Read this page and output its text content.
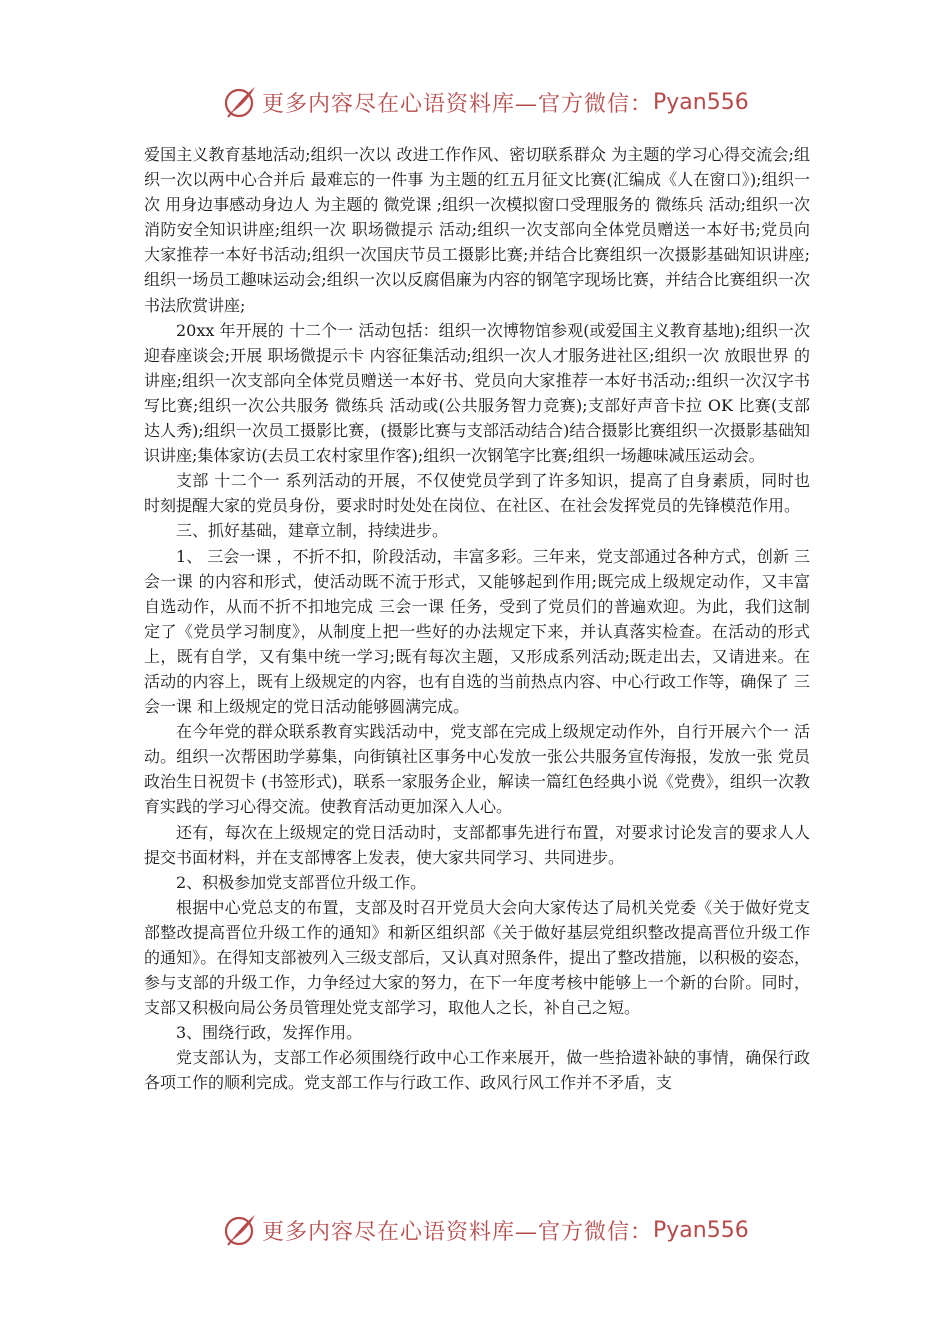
更多内容尽在心语资料库—官方微信： Pyan556

爱国主义教育基地活动;组织一次以 改进工作作风、密切联系群众 为主题的学习心得交流会;组织一次以两中心合并后 最难忘的一件事 为主题的红五月征文比赛(汇编成《人在窗口》);组织一次 用身边事感动身边人 为主题的 微党课 ;组织一次模拟窗口受理服务的 微练兵 活动;组织一次消防安全知识讲座;组织一次 职场微提示 活动;组织一次支部向全体党员赠送一本好书;党员向大家推荐一本好书活动;组织一次国庆节员工摄影比赛;并结合比赛组织一次摄影基础知识讲座;组织一场员工趣味运动会;组织一次以反腐倡廉为内容的钢笔字现场比赛，并结合比赛组织一次书法欣赏讲座;

20xx 年开展的 十二个一 活动包括：组织一次博物馆参观(或爱国主义教育基地);组织一次迎春座谈会;开展 职场微提示卡 内容征集活动;组织一次人才服务进社区;组织一次 放眼世界 的讲座;组织一次支部向全体党员赠送一本好书、党员向大家推荐一本好书活动;:组织一次汉字书写比赛;组织一次公共服务 微练兵 活动或(公共服务智力竞赛);支部好声音卡拉 OK 比赛(支部达人秀);组织一次员工摄影比赛，(摄影比赛与支部活动结合)结合摄影比赛组织一次摄影基础知识讲座;集体家访(去员工农村家里作客);组织一次钢笔字比赛;组织一场趣味减压运动会。

支部 十二个一 系列活动的开展，不仅使党员学到了许多知识，提高了自身素质，同时也时刻提醒大家的党员身份，要求时时处处在岗位、在社区、在社会发挥党员的先锋模范作用。

三、抓好基础，建章立制，持续进步。

1、 三会一课 ，不折不扣，阶段活动，丰富多彩。三年来，党支部通过各种方式，创新 三会一课 的内容和形式，使活动既不流于形式，又能够起到作用;既完成上级规定动作，又丰富自选动作，从而不折不扣地完成 三会一课 任务，受到了党员们的普遍欢迎。为此，我们这制定了《党员学习制度》，从制度上把一些好的办法规定下来，并认真落实检查。在活动的形式上，既有自学，又有集中统一学习;既有每次主题，又形成系列活动;既走出去，又请进来。在活动的内容上，既有上级规定的内容，也有自选的当前热点内容、中心行政工作等，确保了 三会一课 和上级规定的党日活动能够圆满完成。

在今年党的群众联系教育实践活动中，党支部在完成上级规定动作外，自行开展六个一 活动。组织一次帮困助学募集，向街镇社区事务中心发放一张公共服务宣传海报，发放一张 党员政治生日祝贺卡 (书签形式)，联系一家服务企业，解读一篇红色经典小说《党费》，组织一次教育实践的学习心得交流。使教育活动更加深入人心。

还有，每次在上级规定的党日活动时，支部都事先进行布置，对要求讨论发言的要求人人提交书面材料，并在支部博客上发表，使大家共同学习、共同进步。

2、积极参加党支部晋位升级工作。

根据中心党总支的布置，支部及时召开党员大会向大家传达了局机关党委《关于做好党支部整改提高晋位升级工作的通知》和新区组织部《关于做好基层党组织整改提高晋位升级工作的通知》。在得知支部被列入三级支部后，又认真对照条件，提出了整改措施，以积极的姿态，参与支部的升级工作，力争经过大家的努力，在下一年度考核中能够上一个新的台阶。同时，支部又积极向局公务员管理处党支部学习，取他人之长，补自己之短。

3、围绕行政，发挥作用。

党支部认为，支部工作必须围绕行政中心工作来展开，做一些拾遗补缺的事情，确保行政各项工作的顺利完成。党支部工作与行政工作、政风行风工作并不矛盾，支

更多内容尽在心语资料库—官方微信： Pyan556
